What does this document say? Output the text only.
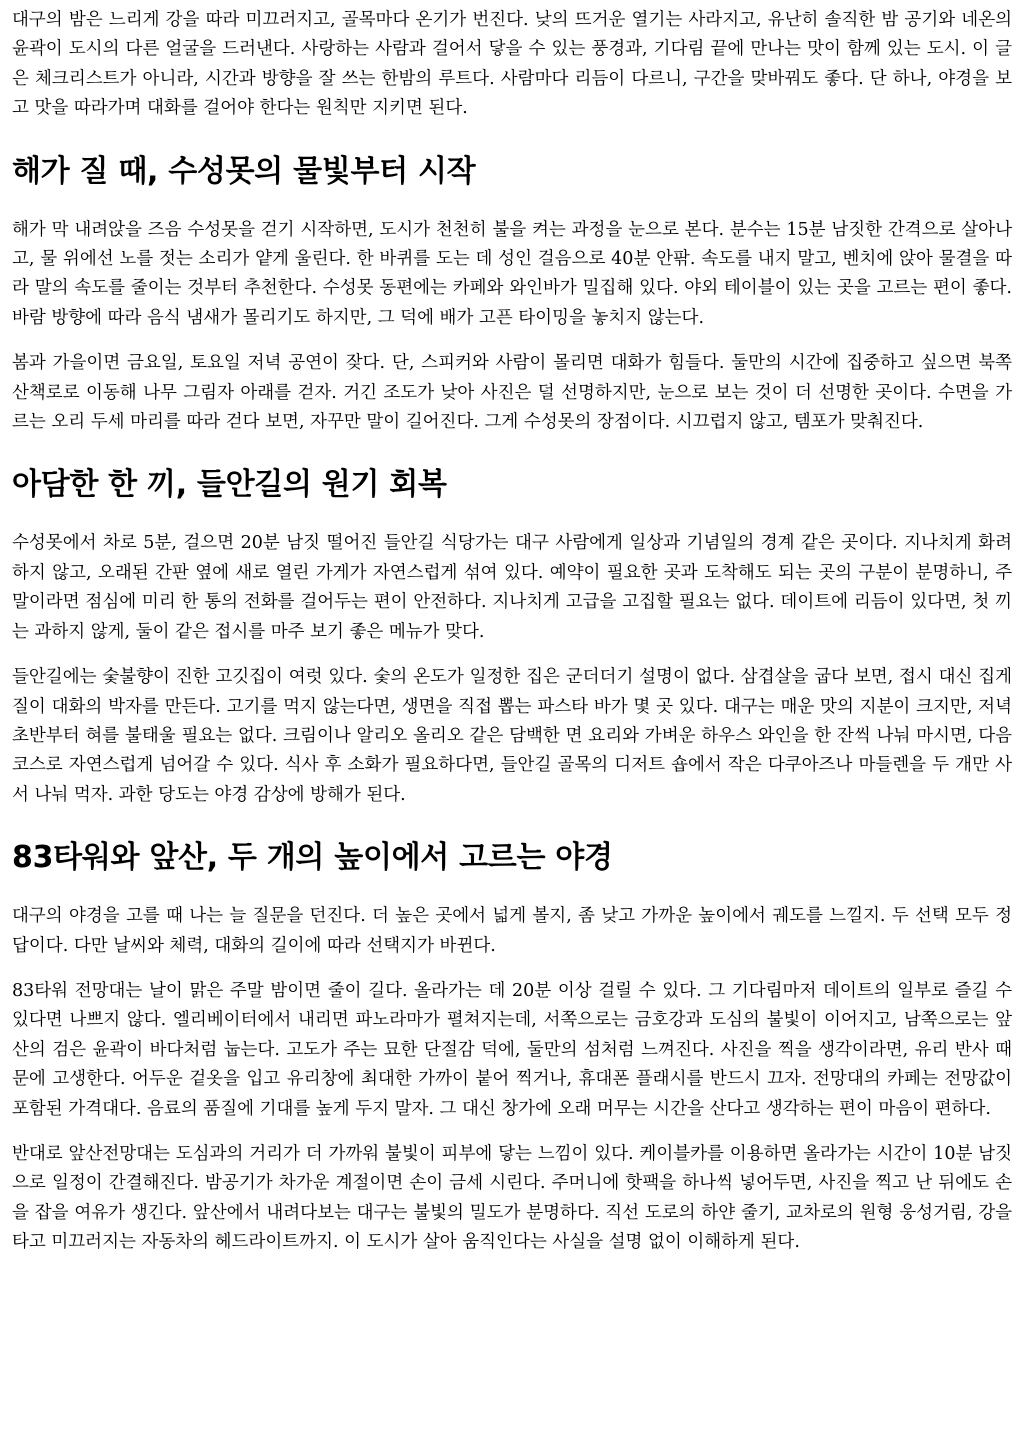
대구의 밤은 느리게 강을 따라 미끄러지고, 골목마다 온기가 번진다. 낮의 뜨거운 열기는 사라지고, 유난히 솔직한 밤 공기와 네온의 윤곽이 도시의 다른 얼굴을 드러낸다. 사랑하는 사람과 걸어서 닿을 수 있는 풍경과, 기다림 끝에 만나는 맛이 함께 있는 도시. 이 글은 체크리스트가 아니라, 시간과 방향을 잘 쓰는 한밤의 루트다. 사람마다 리듬이 다르니, 구간을 맞바꿔도 좋다. 단 하나, 야경을 보고 맛을 따라가며 대화를 걸어야 한다는 원칙만 지키면 된다.

해가 질 때, 수성못의 물빛부터 시작

해가 막 내려앉을 즈음 수성못을 걷기 시작하면, 도시가 천천히 불을 켜는 과정을 눈으로 본다. 분수는 15분 남짓한 간격으로 살아나고, 물 위에선 노를 젓는 소리가 얕게 울린다. 한 바퀴를 도는 데 성인 걸음으로 40분 안팎. 속도를 내지 말고, 벤치에 앉아 물결을 따라 말의 속도를 줄이는 것부터 추천한다. 수성못 동편에는 카페와 와인바가 밀집해 있다. 야외 테이블이 있는 곳을 고르는 편이 좋다. 바람 방향에 따라 음식 냄새가 몰리기도 하지만, 그 덕에 배가 고픈 타이밍을 놓치지 않는다.

봄과 가을이면 금요일, 토요일 저녁 공연이 잦다. 단, 스피커와 사람이 몰리면 대화가 힘들다. 둘만의 시간에 집중하고 싶으면 북쪽 산책로로 이동해 나무 그림자 아래를 걷자. 거긴 조도가 낮아 사진은 덜 선명하지만, 눈으로 보는 것이 더 선명한 곳이다. 수면을 가르는 오리 두세 마리를 따라 걷다 보면, 자꾸만 말이 길어진다. 그게 수성못의 장점이다. 시끄럽지 않고, 템포가 맞춰진다.

아담한 한 끼, 들안길의 원기 회복

수성못에서 차로 5분, 걸으면 20분 남짓 떨어진 들안길 식당가는 대구 사람에게 일상과 기념일의 경계 같은 곳이다. 지나치게 화려하지 않고, 오래된 간판 옆에 새로 열린 가게가 자연스럽게 섞여 있다. 예약이 필요한 곳과 도착해도 되는 곳의 구분이 분명하니, 주말이라면 점심에 미리 한 통의 전화를 걸어두는 편이 안전하다. 지나치게 고급을 고집할 필요는 없다. 데이트에 리듬이 있다면, 첫 끼는 과하지 않게, 둘이 같은 접시를 마주 보기 좋은 메뉴가 맞다.

들안길에는 숯불향이 진한 고깃집이 여럿 있다. 숯의 온도가 일정한 집은 군더더기 설명이 없다. 삼겹살을 굽다 보면, 접시 대신 집게질이 대화의 박자를 만든다. 고기를 먹지 않는다면, 생면을 직접 뽑는 파스타 바가 몇 곳 있다. 대구는 매운 맛의 지분이 크지만, 저녁 초반부터 혀를 불태울 필요는 없다. 크림이나 알리오 올리오 같은 담백한 면 요리와 가벼운 하우스 와인을 한 잔씩 나눠 마시면, 다음 코스로 자연스럽게 넘어갈 수 있다. 식사 후 소화가 필요하다면, 들안길 골목의 디저트 숍에서 작은 다쿠아즈나 마들렌을 두 개만 사서 나눠 먹자. 과한 당도는 야경 감상에 방해가 된다.

83타워와 앞산, 두 개의 높이에서 고르는 야경

대구의 야경을 고를 때 나는 늘 질문을 던진다. 더 높은 곳에서 넓게 볼지, 좀 낮고 가까운 높이에서 궤도를 느낄지. 두 선택 모두 정답이다. 다만 날씨와 체력, 대화의 길이에 따라 선택지가 바뀐다.

83타워 전망대는 날이 맑은 주말 밤이면 줄이 길다. 올라가는 데 20분 이상 걸릴 수 있다. 그 기다림마저 데이트의 일부로 즐길 수 있다면 나쁘지 않다. 엘리베이터에서 내리면 파노라마가 펼쳐지는데, 서쪽으로는 금호강과 도심의 불빛이 이어지고, 남쪽으로는 앞산의 검은 윤곽이 바다처럼 눕는다. 고도가 주는 묘한 단절감 덕에, 둘만의 섬처럼 느껴진다. 사진을 찍을 생각이라면, 유리 반사 때문에 고생한다. 어두운 겉옷을 입고 유리창에 최대한 가까이 붙어 찍거나, 휴대폰 플래시를 반드시 끄자. 전망대의 카페는 전망값이 포함된 가격대다. 음료의 품질에 기대를 높게 두지 말자. 그 대신 창가에 오래 머무는 시간을 산다고 생각하는 편이 마음이 편하다.

반대로 앞산전망대는 도심과의 거리가 더 가까워 불빛이 피부에 닿는 느낌이 있다. 케이블카를 이용하면 올라가는 시간이 10분 남짓으로 일정이 간결해진다. 밤공기가 차가운 계절이면 손이 금세 시린다. 주머니에 핫팩을 하나씩 넣어두면, 사진을 찍고 난 뒤에도 손을 잡을 여유가 생긴다. 앞산에서 내려다보는 대구는 불빛의 밀도가 분명하다. 직선 도로의 하얀 줄기, 교차로의 원형 웅성거림, 강을 타고 미끄러지는 자동차의 헤드라이트까지. 이 도시가 살아 움직인다는 사실을 설명 없이 이해하게 된다.
